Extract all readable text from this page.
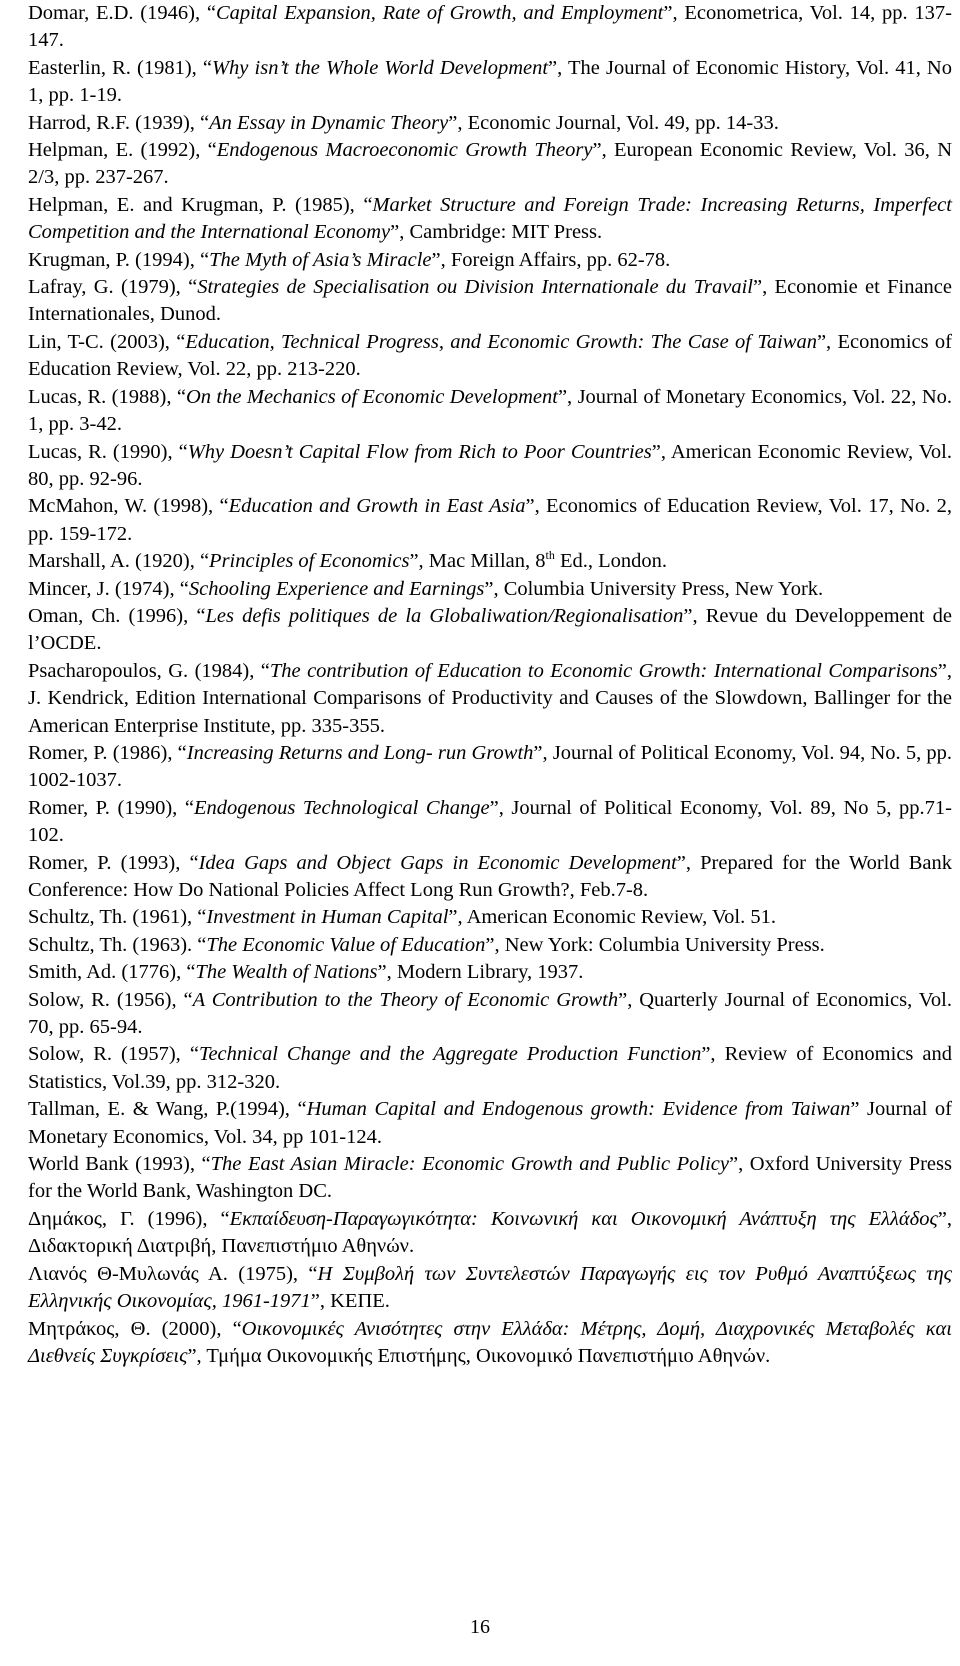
Domar, E.D. (1946), “Capital Expansion, Rate of Growth, and Employment”, Econometrica, Vol. 14, pp. 137-147.

Easterlin, R. (1981), “Why isn’t the Whole World Development”, The Journal of Economic History, Vol. 41, No 1, pp. 1-19.

Harrod, R.F. (1939), “An Essay in Dynamic Theory”, Economic Journal, Vol. 49, pp. 14-33.

Helpman, E. (1992), “Endogenous Macroeconomic Growth Theory”, European Economic Review, Vol. 36, N 2/3, pp. 237-267.

Helpman, E. and Krugman, P. (1985), “Market Structure and Foreign Trade: Increasing Returns, Imperfect Competition and the International Economy”, Cambridge: MIT Press.

Krugman, P. (1994), “The Myth of Asia’s Miracle”, Foreign Affairs, pp. 62-78.

Lafray, G. (1979), “Strategies de Specialisation ou Division Internationale du Travail”, Economie et Finance Internationales, Dunod.

Lin, T-C. (2003), “Education, Technical Progress, and Economic Growth: The Case of Taiwan”, Economics of Education Review, Vol. 22, pp. 213-220.

Lucas, R. (1988), “On the Mechanics of Economic Development”, Journal of Monetary Economics, Vol. 22, No. 1, pp. 3-42.

Lucas, R. (1990), “Why Doesn’t Capital Flow from Rich to Poor Countries”, American Economic Review, Vol. 80, pp. 92-96.

McMahon, W. (1998), “Education and Growth in East Asia”, Economics of Education Review, Vol. 17, No. 2, pp. 159-172.

Marshall, A. (1920), “Principles of Economics”, Mac Millan, 8th Ed., London.

Mincer, J. (1974), “Schooling Experience and Earnings”, Columbia University Press, New York.

Oman, Ch. (1996), “Les defis politiques de la Globaliwation/Regionalisation”, Revue du Developpement de l’OCDE.

Psacharopoulos, G. (1984), “The contribution of Education to Economic Growth: International Comparisons”, J. Kendrick, Edition International Comparisons of Productivity and Causes of the Slowdown, Ballinger for the American Enterprise Institute, pp. 335-355.

Romer, P. (1986), “Increasing Returns and Long- run Growth”, Journal of Political Economy, Vol. 94, No. 5, pp. 1002-1037.

Romer, P. (1990), “Endogenous Technological Change”, Journal of Political Economy, Vol. 89, No 5, pp.71-102.

Romer, P. (1993), “Idea Gaps and Object Gaps in Economic Development”, Prepared for the World Bank Conference: How Do National Policies Affect Long Run Growth?, Feb.7-8.

Schultz, Th. (1961), “Investment in Human Capital”, American Economic Review, Vol. 51.

Schultz, Th. (1963). “The Economic Value of Education”, New York: Columbia University Press.

Smith, Ad. (1776), “The Wealth of Nations”, Modern Library, 1937.

Solow, R. (1956), “A Contribution to the Theory of Economic Growth”, Quarterly Journal of Economics, Vol. 70, pp. 65-94.

Solow, R. (1957), “Technical Change and the Aggregate Production Function”, Review of Economics and Statistics, Vol.39, pp. 312-320.

Tallman, E. & Wang, P.(1994), “Human Capital and Endogenous growth: Evidence from Taiwan” Journal of Monetary Economics, Vol. 34, pp 101-124.

World Bank (1993), “The East Asian Miracle: Economic Growth and Public Policy”, Oxford University Press for the World Bank, Washington DC.

Δημάκος, Γ. (1996), “Εκπαίδευση-Παραγωγικότητα: Κοινωνική και Οικονομική Ανάπτυξη της Ελλάδος”, Διδακτορική Διατριβή, Πανεπιστήμιο Αθηνών.

Λιανός Θ-Μυλωνάς Α. (1975), “Η Συμβολή των Συντελεστών Παραγωγής εις τον Ρυθμό Αναπτύξεως της Ελληνικής Οικονομίας, 1961-1971”, ΚΕΠΕ.

Μητράκος, Θ. (2000), “Οικονομικές Ανισότητες στην Ελλάδα: Μέτρης, Δομή, Διαχρονικές Μεταβολές και Διεθνείς Συγκρίσεις”, Τμήμα Οικονομικής Επιστήμης, Οικονομικό Πανεπιστήμιο Αθηνών.

16
